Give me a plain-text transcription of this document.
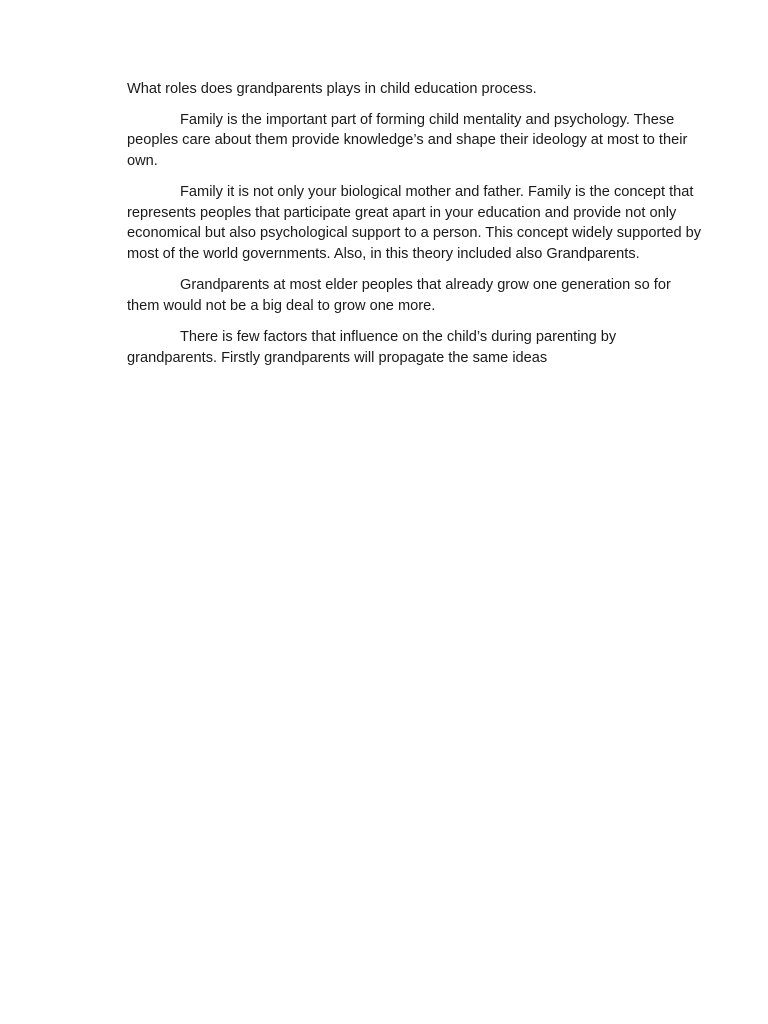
What roles does grandparents plays in child education process.

Family is the important part of forming child mentality and psychology. These peoples care about them provide knowledge’s and shape their ideology at most to their own.

Family it is not only your biological mother and father. Family is the concept that represents peoples that participate great apart in your education and provide not only economical but also psychological support to a person. This concept widely supported by most of the world governments. Also, in this theory included also Grandparents.

Grandparents at most elder peoples that already grow one generation so for them would not be a big deal to grow one more.

There is few factors that influence on the child’s during parenting by grandparents. Firstly grandparents will propagate the same ideas
